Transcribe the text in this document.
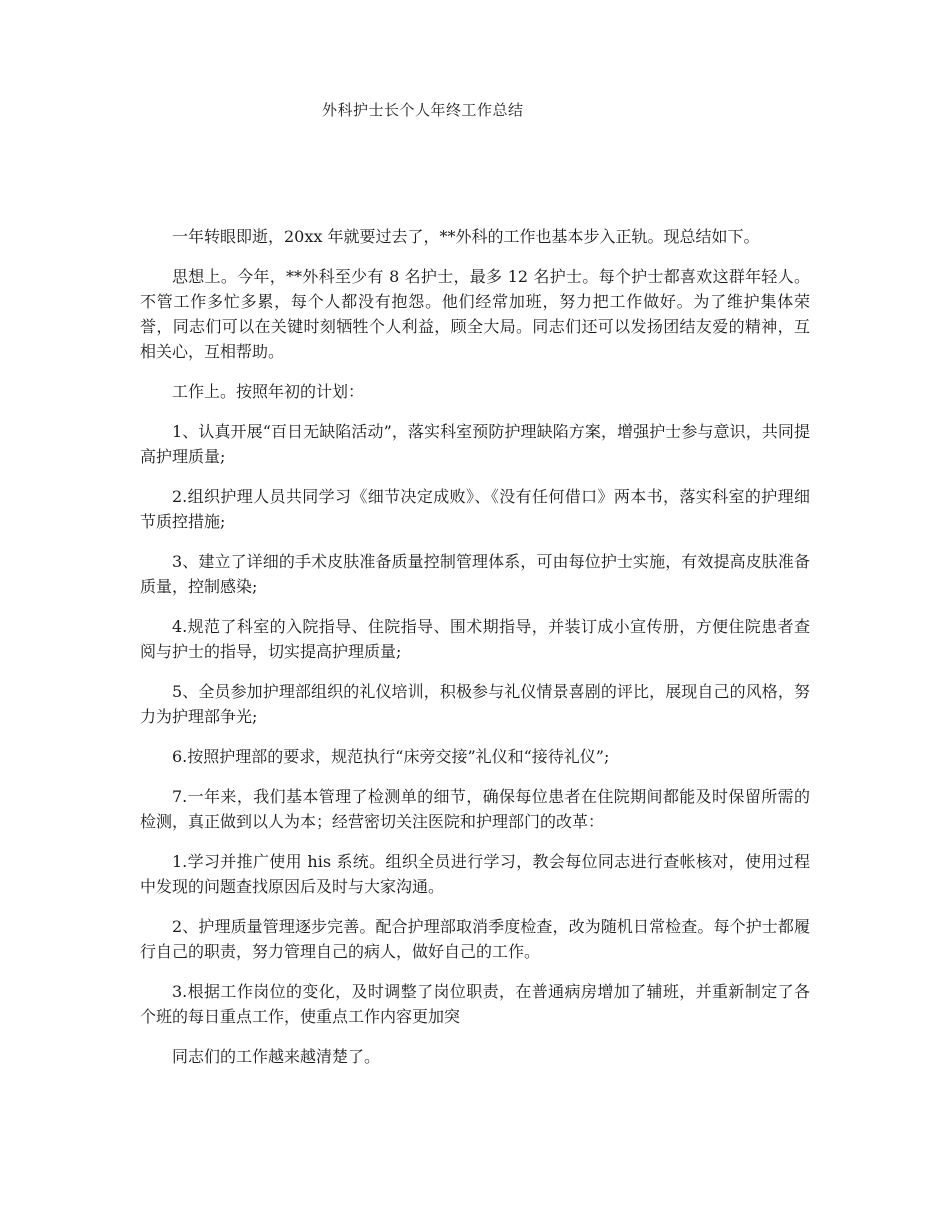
外科护士长个人年终工作总结

一年转眼即逝，20xx 年就要过去了，**外科的工作也基本步入正轨。现总结如下。

思想上。今年，**外科至少有 8 名护士，最多 12 名护士。每个护士都喜欢这群年轻人。不管工作多忙多累，每个人都没有抱怨。他们经常加班，努力把工作做好。为了维护集体荣誉，同志们可以在关键时刻牺牲个人利益，顾全大局。同志们还可以发扬团结友爱的精神，互相关心，互相帮助。

工作上。按照年初的计划：

1、认真开展“百日无缺陷活动”，落实科室预防护理缺陷方案，增强护士参与意识，共同提高护理质量;

2.组织护理人员共同学习《细节决定成败》、《没有任何借口》两本书，落实科室的护理细节质控措施;

3、建立了详细的手术皮肤准备质量控制管理体系，可由每位护士实施，有效提高皮肤准备质量，控制感染;

4.规范了科室的入院指导、住院指导、围术期指导，并装订成小宣传册，方便住院患者查阅与护士的指导，切实提高护理质量;

5、全员参加护理部组织的礼仪培训，积极参与礼仪情景喜剧的评比，展现自己的风格，努力为护理部争光;

6.按照护理部的要求，规范执行“床旁交接”礼仪和“接待礼仪”;

7.一年来，我们基本管理了检测单的细节，确保每位患者在住院期间都能及时保留所需的检测，真正做到以人为本；经营密切关注医院和护理部门的改革：

1.学习并推广使用 his 系统。组织全员进行学习，教会每位同志进行查帐核对，使用过程中发现的问题查找原因后及时与大家沟通。

2、护理质量管理逐步完善。配合护理部取消季度检查，改为随机日常检查。每个护士都履行自己的职责，努力管理自己的病人，做好自己的工作。

3.根据工作岗位的变化，及时调整了岗位职责，在普通病房增加了辅班，并重新制定了各个班的每日重点工作，使重点工作内容更加突

同志们的工作越来越清楚了。
